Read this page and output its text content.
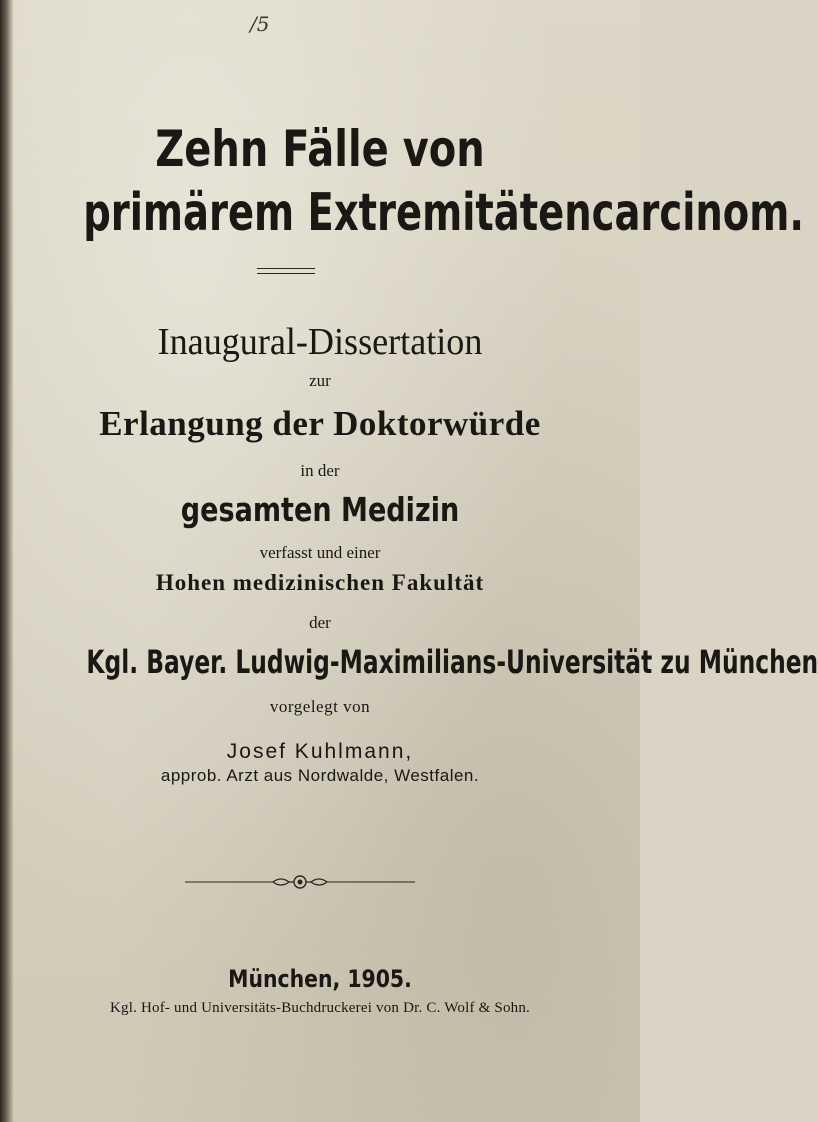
/5

Zehn Fälle von
primärem Extremitätencarcinom.

Inaugural-Dissertation

zur

Erlangung der Doktorwürde

in der

gesamten Medizin

verfasst und einer

Hohen medizinischen Fakultät

der

Kgl. Bayer. Ludwig-Maximilians-Universität zu München

vorgelegt von

Josef Kuhlmann,

approb. Arzt aus Nordwalde, Westfalen.

München, 1905.

Kgl. Hof- und Universitäts-Buchdruckerei von Dr. C. Wolf & Sohn.
